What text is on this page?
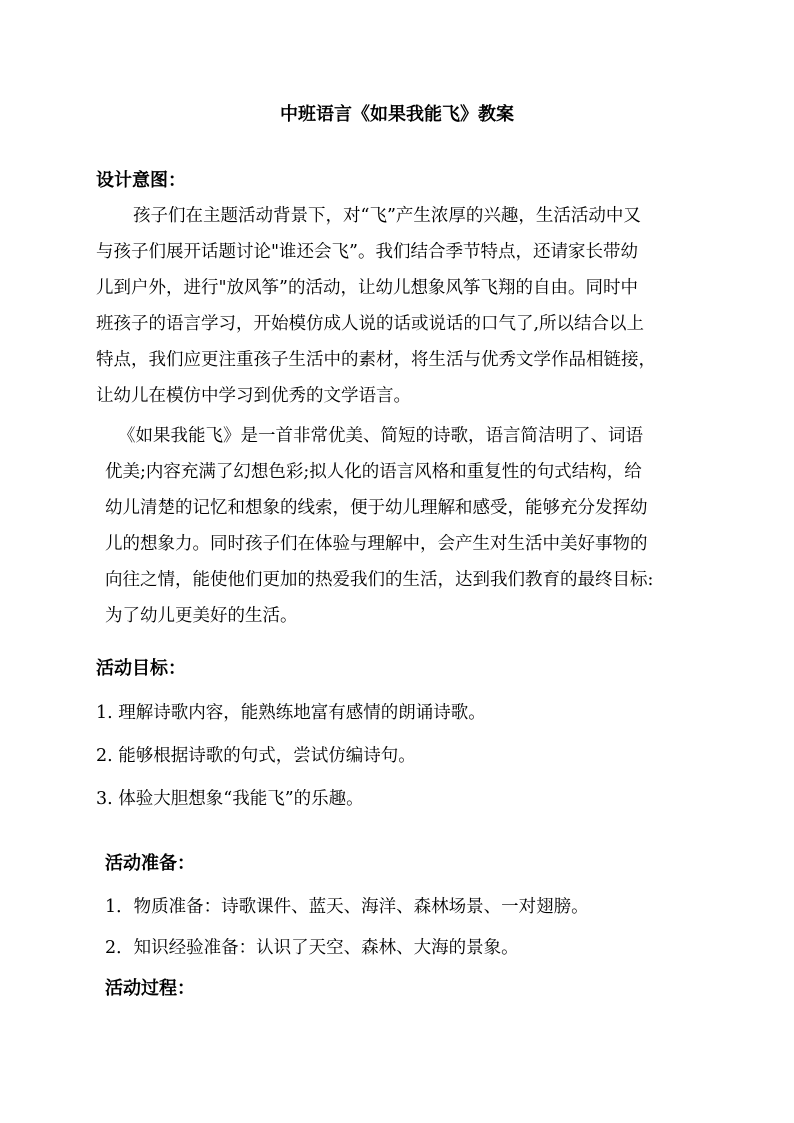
中班语言《如果我能飞》教案
设计意图：
孩子们在主题活动背景下，对“飞”产生浓厚的兴趣，生活活动中又
与孩子们展开话题讨论"谁还会飞”。我们结合季节特点，还请家长带幼
儿到户外，进行"放风筝”的活动，让幼儿想象风筝飞翔的自由。同时中
班孩子的语言学习，开始模仿成人说的话或说话的口气了,所以结合以上
特点，我们应更注重孩子生活中的素材，将生活与优秀文学作品相链接，
让幼儿在模仿中学习到优秀的文学语言。
《如果我能飞》是一首非常优美、简短的诗歌，语言简洁明了、词语
优美;内容充满了幻想色彩;拟人化的语言风格和重复性的句式结构，给
幼儿清楚的记忆和想象的线索，便于幼儿理解和感受，能够充分发挥幼
儿的想象力。同时孩子们在体验与理解中，会产生对生活中美好事物的
向往之情，能使他们更加的热爱我们的生活，达到我们教育的最终目标:
为了幼儿更美好的生活。
活动目标：
1. 理解诗歌内容，能熟练地富有感情的朗诵诗歌。
2. 能够根据诗歌的句式，尝试仿编诗句。
3. 体验大胆想象“我能飞”的乐趣。
活动准备：
1．物质准备：诗歌课件、蓝天、海洋、森林场景、一对翅膀。
2．知识经验准备：认识了天空、森林、大海的景象。
活动过程：
